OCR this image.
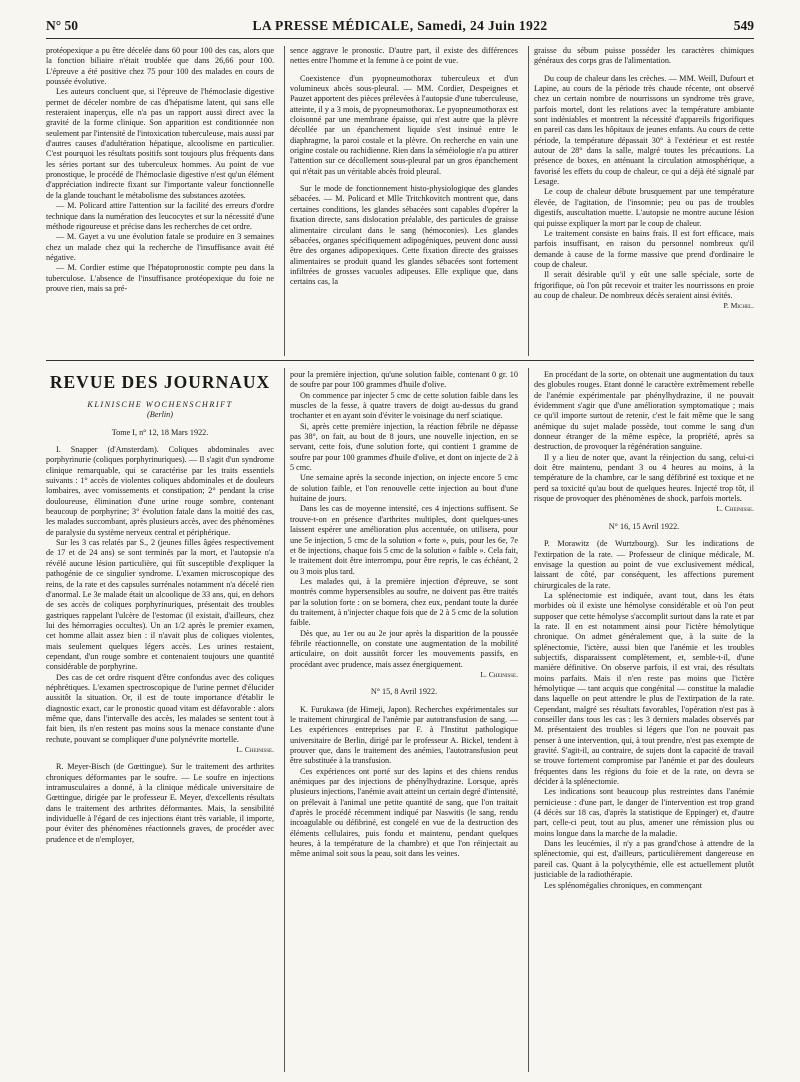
N° 50	LA PRESSE MÉDICALE, Samedi, 24 Juin 1922	549

protéopexique a pu être décelée dans 60 pour 100 des cas, alors que la fonction biliaire n'était troublée que dans 26,66 pour 100. L'épreuve a été positive chez 75 pour 100 des malades en cours de poussée évolutive.

Les auteurs concluent que, si l'épreuve de l'hémoclasie digestive permet de déceler nombre de cas d'hépatisme latent, qui sans elle resteraient inaperçus, elle n'a pas un rapport aussi direct avec la gravité de la forme clinique. Son apparition est conditionnée non seulement par l'intensité de l'intoxication tuberculeuse, mais aussi par d'autres causes d'adultération hépatique, alcoolisme en particulier. C'est pourquoi les résultats positifs sont toujours plus fréquents dans les séries portant sur des tuberculeux hommes. Au point de vue pronostique, le procédé de l'hémoclasie digestive n'est qu'un élément d'appréciation indirecte fixant sur l'importante valeur fonctionnelle de la glande touchant le métabolisme des substances azotées.

— M. Policard attire l'attention sur la facilité des erreurs d'ordre technique dans la numération des leucocytes et sur la nécessité d'une méthode rigoureuse et précise dans les recherches de cet ordre.

— M. Gayet a vu une évolution fatale se produire en 3 semaines chez un malade chez qui la recherche de l'insuffisance avait été négative.

— M. Cordier estime que l'hépatopronostic compte peu dans la tuberculose. L'absence de l'insuffisance protéopexique du foie ne prouve rien, mais sa pré-

sence aggrave le pronostic. D'autre part, il existe des différences nettes entre l'homme et la femme à ce point de vue.

Coexistence d'un pyopneumothorax tuberculeux et d'un volumineux abcès sous-pleural. — MM. Cordier, Despeignes et Pauzet apportent des pièces prélevées à l'autopsie d'une tuberculeuse, atteinte, il y a 3 mois, de pyopneumothorax. Le pyopneumothorax est cloisonné par une membrane épaisse, qui n'est autre que la plèvre décollée par un épanchement liquide s'est insinué entre le diaphragme, la paroi costale et la plèvre. On recherche en vain une origine costale ou rachidienne. Rien dans la séméiologie n'a pu attirer l'attention sur ce décollement sous-pleural par un gros épanchement qui n'était pas un véritable abcès froid pleural.

Sur le mode de fonctionnement histo-physiologique des glandes sébacées. — M. Policard et Mlle Tritchkovitch montrent que, dans certaines conditions, les glandes sébacées sont capables d'opérer la fixation directe, sans dislocation préalable, des particules de graisse alimentaire circulant dans le sang (hémoconies). Les glandes sébacées, organes spécifiquement adipogéniques, peuvent donc aussi être des organes adipopexiques. Cette fixation directe des graisses alimentaires se produit quand les glandes sébacées sont fortement infiltrées de grosses vacuoles adipeuses. Elle explique que, dans certains cas, la

graisse du sébum puisse posséder les caractères chimiques généraux des corps gras de l'alimentation.

Du coup de chaleur dans les crèches. — MM. Weill, Dufourt et Lapine, au cours de la période très chaude récente, ont observé chez un certain nombre de nourrissons un syndrome très grave, parfois mortel, dont les relations avec la température ambiante sont indéniables et montrent la nécessité d'appareils frigorifiques en pareil cas dans les hôpitaux de jeunes enfants. Au cours de cette période, la température dépassait 30° à l'extérieur et est restée autour de 28° dans la salle, malgré toutes les précautions. La présence de boxes, en atténuant la circulation atmosphérique, a favorisé les effets du coup de chaleur, ce qui a déjà été signalé par Lesage.

Le coup de chaleur débute brusquement par une température élevée, de l'agitation, de l'insomnie; peu ou pas de troubles digestifs, auscultation muette. L'autopsie ne montre aucune lésion qui puisse expliquer la mort par le coup de chaleur.

Le traitement consiste en bains frais. Il est fort efficace, mais parfois insuffisant, en raison du personnel nombreux qu'il demande à cause de la forme massive que prend d'ordinaire le coup de chaleur.

Il serait désirable qu'il y eût une salle spéciale, sorte de frigorifique, où l'on pût recevoir et traiter les nourrissons en proie au coup de chaleur. De nombreux décès seraient ainsi évités.

P. Michel.

REVUE DES JOURNAUX

KLINISCHE WOCHENSCHRIFT

(Berlin)

Tome I, n° 12, 18 Mars 1922.

I. Snapper (d'Amsterdam). Coliques abdominales avec porphyrinurie (coliques porphyrinuriques). — Il s'agit d'un syndrome clinique remarquable, qui se caractérise par les traits essentiels suivants : 1° accès de violentes coliques abdominales et de douleurs lombaires, avec vomissements et constipation; 2° pendant la crise douloureuse, élimination d'une urine rouge sombre, contenant beaucoup de porphyrine; 3° évolution fatale dans la moitié des cas, les malades succombant, après plusieurs accès, avec des phénomènes de paralysie du système nerveux central et périphérique.

Sur les 3 cas relatés par S., 2 (jeunes filles âgées respectivement de 17 et de 24 ans) se sont terminés par la mort, et l'autopsie n'a révélé aucune lésion particulière, qui fût susceptible d'expliquer la pathogénie de ce singulier syndrome. L'examen microscopique des reins, de la rate et des capsules surrénales notamment n'a décelé rien d'anormal. Le 3e malade était un alcoolique de 33 ans, qui, en dehors de ses accès de coliques porphyrinuriques, présentait des troubles gastriques rappelant l'ulcère de l'estomac (il existait, d'ailleurs, chez lui des hémorragies occultes). Un an 1/2 après le premier examen, cet homme allait assez bien : il n'avait plus de coliques violentes, mais seulement quelques légers accès. Les urines restaient, cependant, d'un rouge sombre et contenaient toujours une quantité considérable de porphyrine.

Des cas de cet ordre risquent d'être confondus avec des coliques néphrétiques. L'examen spectroscopique de l'urine permet d'élucider aussitôt la situation. Or, il est de toute importance d'établir le diagnostic exact, car le pronostic quoad vitam est défavorable : alors même que, dans l'intervalle des accès, les malades se sentent tout à fait bien, ils n'en restent pas moins sous la menace constante d'une rechute, pouvant se compliquer d'une polynévrite mortelle.

L. Cheinisse.

R. Meyer-Bisch (de Gœttingue). Sur le traitement des arthrites chroniques déformantes par le soufre. — Le soufre en injections intramusculaires a donné, à la clinique médicale universitaire de Gœttingue, dirigée par le professeur E. Meyer, d'excellents résultats dans le traitement des arthrites déformantes. Mais, la sensibilité individuelle à l'égard de ces injections étant très variable, il importe, pour éviter des phénomènes réactionnels graves, de procéder avec prudence et de n'employer,

pour la première injection, qu'une solution faible, contenant 0 gr. 10 de soufre par pour 100 grammes d'huile d'olive.

On commence par injecter 5 cmc de cette solution faible dans les muscles de la fesse, à quatre travers de doigt au-dessus du grand trochanter et en ayant soin d'éviter le voisinage du nerf sciatique.

Si, après cette première injection, la réaction fébrile ne dépasse pas 38°, on fait, au bout de 8 jours, une nouvelle injection, en se servant, cette fois, d'une solution forte, qui contient 1 gramme de soufre par pour 100 grammes d'huile d'olive, et dont on injecte de 2 à 5 cmc.

Une semaine après la seconde injection, on injecte encore 5 cmc de solution faible, et l'on renouvelle cette injection au bout d'une huitaine de jours.

Dans les cas de moyenne intensité, ces 4 injections suffisent. Se trouve-t-on en présence d'arthrites multiples, dont quelques-unes laissent espérer une amélioration plus accentuée, on utilisera, pour une 5e injection, 5 cmc de la solution « forte », puis, pour les 6e, 7e et 8e injections, chaque fois 5 cmc de la solution « faible ». Cela fait, le traitement doit être interrompu, pour être repris, le cas échéant, 2 ou 3 mois plus tard.

Les malades qui, à la première injection d'épreuve, se sont montrés comme hypersensibles au soufre, ne doivent pas être traités par la solution forte : on se bornera, chez eux, pendant toute la durée du traitement, à n'injecter chaque fois que de 2 à 5 cmc de la solution faible.

Dès que, au 1er ou au 2e jour après la disparition de la poussée fébrile réactionnelle, on constate une augmentation de la mobilité articulaire, on doit aussitôt forcer les mouvements passifs, en procédant avec prudence, mais assez énergiquement.

L. Cheinisse.

N° 15, 8 Avril 1922.

K. Furukawa (de Himeji, Japon). Recherches expérimentales sur le traitement chirurgical de l'anémie par autotransfusion de sang. — Les expériences entreprises par F. à l'Institut pathologique universitaire de Berlin, dirigé par le professeur A. Bickel, tendent à prouver que, dans le traitement des anémies, l'autotransfusion peut être substituée à la transfusion.

Ces expériences ont porté sur des lapins et des chiens rendus anémiques par des injections de phénylhydrazine. Lorsque, après plusieurs injections, l'anémie avait atteint un certain degré d'intensité, on prélevait à l'animal une petite quantité de sang, que l'on traitait d'après le procédé récemment indiqué par Naswitis (le sang, rendu incoagulable ou défibriné, est congelé en vue de la destruction des éléments cellulaires, puis fondu et maintenu, pendant quelques heures, à la température de la chambre) et que l'on réinjectait au même animal soit sous la peau, soit dans les veines.

En procédant de la sorte, on obtenait une augmentation du taux des globules rouges. Etant donné le caractère extrêmement rebelle de l'anémie expérimentale par phénylhydrazine, il ne pouvait évidemment s'agir que d'une amélioration symptomatique ; mais ce qu'il importe surtout de retenir, c'est le fait même que le sang anémique du sujet malade possède, tout comme le sang d'un donneur étranger de la même espèce, la propriété, après sa destruction, de provoquer la régénération sanguine.

Il y a lieu de noter que, avant la réinjection du sang, celui-ci doit être maintenu, pendant 3 ou 4 heures au moins, à la température de la chambre, car le sang défibriné est toxique et ne perd sa toxicité qu'au bout de quelques heures. Injecté trop tôt, il risque de provoquer des phénomènes de shock, parfois mortels.

L. Cheinisse.

N° 16, 15 Avril 1922.

P. Morawitz (de Wurtzbourg). Sur les indications de l'extirpation de la rate. — Professeur de clinique médicale, M. envisage la question au point de vue exclusivement médical, laissant de côté, par conséquent, les affections purement chirurgicales de la rate.

La splénectomie est indiquée, avant tout, dans les états morbides où il existe une hémolyse considérable et où l'on peut supposer que cette hémolyse s'accomplit surtout dans la rate et par la rate. Il en est notamment ainsi pour l'ictère hémolytique chronique. On admet généralement que, à la suite de la splénectomie, l'ictère, aussi bien que l'anémie et les troubles subjectifs, disparaissent complètement, et, semble-t-il, d'une manière définitive. On observe parfois, il est vrai, des résultats moins parfaits. Mais il n'en reste pas moins que l'ictère hémolytique — tant acquis que congénital — constitue la maladie dans laquelle on peut attendre le plus de l'extirpation de la rate. Cependant, malgré ses résultats favorables, l'opération n'est pas à conseiller dans tous les cas : les 3 derniers malades observés par M. présentaient des troubles si légers que l'on ne pouvait pas penser à une intervention, qui, à tout prendre, n'est pas exempte de gravité. S'agit-il, au contraire, de sujets dont la capacité de travail se trouve fortement compromise par l'anémie et par des douleurs fréquentes dans les régions du foie et de la rate, on devra se décider à la splénectomie.

Les indications sont beaucoup plus restreintes dans l'anémie pernicieuse : d'une part, le danger de l'intervention est trop grand (4 décès sur 18 cas, d'après la statistique de Eppinger) et, d'autre part, celle-ci peut, tout au plus, amener une rémission plus ou moins longue dans la marche de la maladie.

Dans les leucémies, il n'y a pas grand'chose à attendre de la splénectomie, qui est, d'ailleurs, particulièrement dangereuse en pareil cas. Quant à la polycythémie, elle est actuellement plutôt justiciable de la radiothérapie.

Les splénomégalies chroniques, en commençant
